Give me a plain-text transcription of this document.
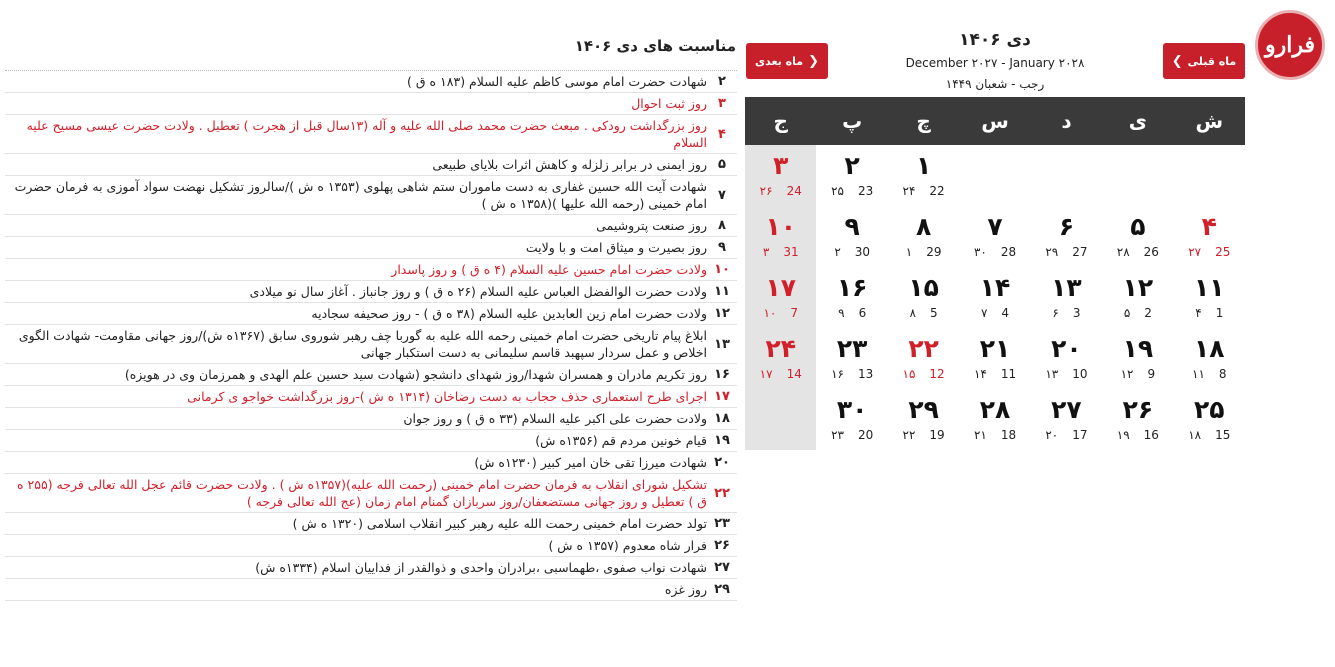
فرارو
❮ ماه قبلی
ماه بعدی ❯
دی ۱۴۰۶
December ۲۰۲۷ - January ۲۰۲۸
رجب - شعبان ۱۴۴۹
ش
ی
د
س
چ
پ
ج
۱
۲۴ 22
۲
۲۵ 23
۳
۲۶ 24
۴
۲۷ 25
۵
۲۸ 26
۶
۲۹ 27
۷
۳۰ 28
۸
۱ 29
۹
۲ 30
۱۰
۳ 31
۱۱
۴ 1
۱۲
۵ 2
۱۳
۶ 3
۱۴
۷ 4
۱۵
۸ 5
۱۶
۹ 6
۱۷
۱۰ 7
۱۸
۱۱ 8
۱۹
۱۲ 9
۲۰
۱۳ 10
۲۱
۱۴ 11
۲۲
۱۵ 12
۲۳
۱۶ 13
۲۴
۱۷ 14
۲۵
۱۸ 15
۲۶
۱۹ 16
۲۷
۲۰ 17
۲۸
۲۱ 18
۲۹
۲۲ 19
۳۰
۲۳ 20
مناسبت های دی ۱۴۰۶
۲
شهادت حضرت امام موسی کاظم علیه السلام (۱۸۳ ه ق )
۳
روز ثبت احوال
۴
روز بزرگداشت رودکی . مبعث حضرت محمد صلی الله علیه و آله (۱۳سال قبل از هجرت ) تعطیل . ولادت حضرت عیسی مسیح علیه السلام
۵
روز ایمنی در برابر زلزله و کاهش اثرات بلایای طبیعی
۷
شهادت آیت الله حسین غفاری به دست ماموران ستم شاهی پهلوی (۱۳۵۳ ه ش )/سالروز تشکیل نهضت سواد آموزی به فرمان حضرت امام خمینی (رحمه الله علیها )(۱۳۵۸ ه ش )
۸
روز صنعت پتروشیمی
۹
روز بصیرت و میثاق امت و با ولایت
۱۰
ولادت حضرت امام حسین علیه السلام (۴ ه ق ) و روز پاسدار
۱۱
ولادت حضرت الوالفضل العباس علیه السلام (۲۶ ه ق ) و روز جانباز . آغاز سال نو میلادی
۱۲
ولادت حضرت امام زین العابدین علیه السلام (۳۸ ه ق ) - روز صحیفه سجادیه
۱۳
ابلاغ پیام تاریخی حضرت امام خمینی رحمه الله علیه به گوربا چف رهبر شوروی سابق (۱۳۶۷ه ش)/روز جهانی مقاومت- شهادت الگوی اخلاص و عمل سردار سپهبد قاسم سلیمانی به دست استکبار جهانی
۱۶
روز تکریم مادران و همسران شهدا/روز شهدای دانشجو (شهادت سید حسین علم الهدی و همرزمان وی در هویزه)
۱۷
اجرای طرح استعماری حذف حجاب به دست رضاخان (۱۳۱۴ ه ش )-روز بزرگداشت خواجو ی کرمانی
۱۸
ولادت حضرت علی اکبر علیه السلام (۳۳ ه ق ) و روز جوان
۱۹
قیام خونین مردم قم (۱۳۵۶ه ش)
۲۰
شهادت میرزا تقی خان امیر کبیر (۱۲۳۰ه ش)
۲۲
تشکیل شورای انقلاب به فرمان حضرت امام خمینی (رحمت الله علیه)(۱۳۵۷ه ش ) . ولادت حضرت قائم عجل الله تعالی فرجه (۲۵۵ ه ق ) تعطیل و روز جهانی مستضعفان/روز سربازان گمنام امام زمان (عج الله تعالی فرجه )
۲۳
تولد حضرت امام خمینی رحمت الله علیه رهبر کبیر انقلاب اسلامی (۱۳۲۰ ه ش )
۲۶
فرار شاه معدوم (۱۳۵۷ ه ش )
۲۷
شهادت نواب صفوی ،طهماسبی ،برادران واحدی و ذوالقدر از فداییان اسلام (۱۳۳۴ه ش)
۲۹
روز غزه
